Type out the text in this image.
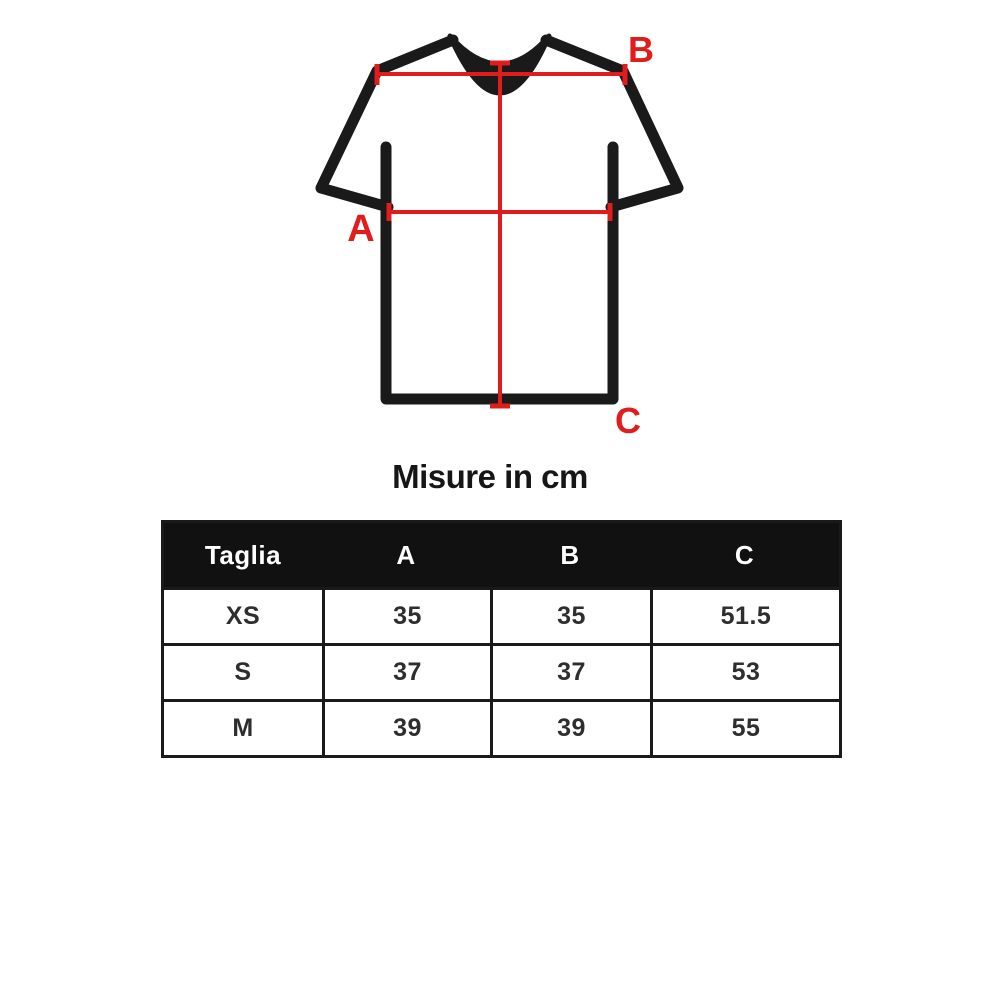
A
B
C
Misure in cm
Taglia	A	B	C
XS	35	35	51.5
S	37	37	53
M	39	39	55
